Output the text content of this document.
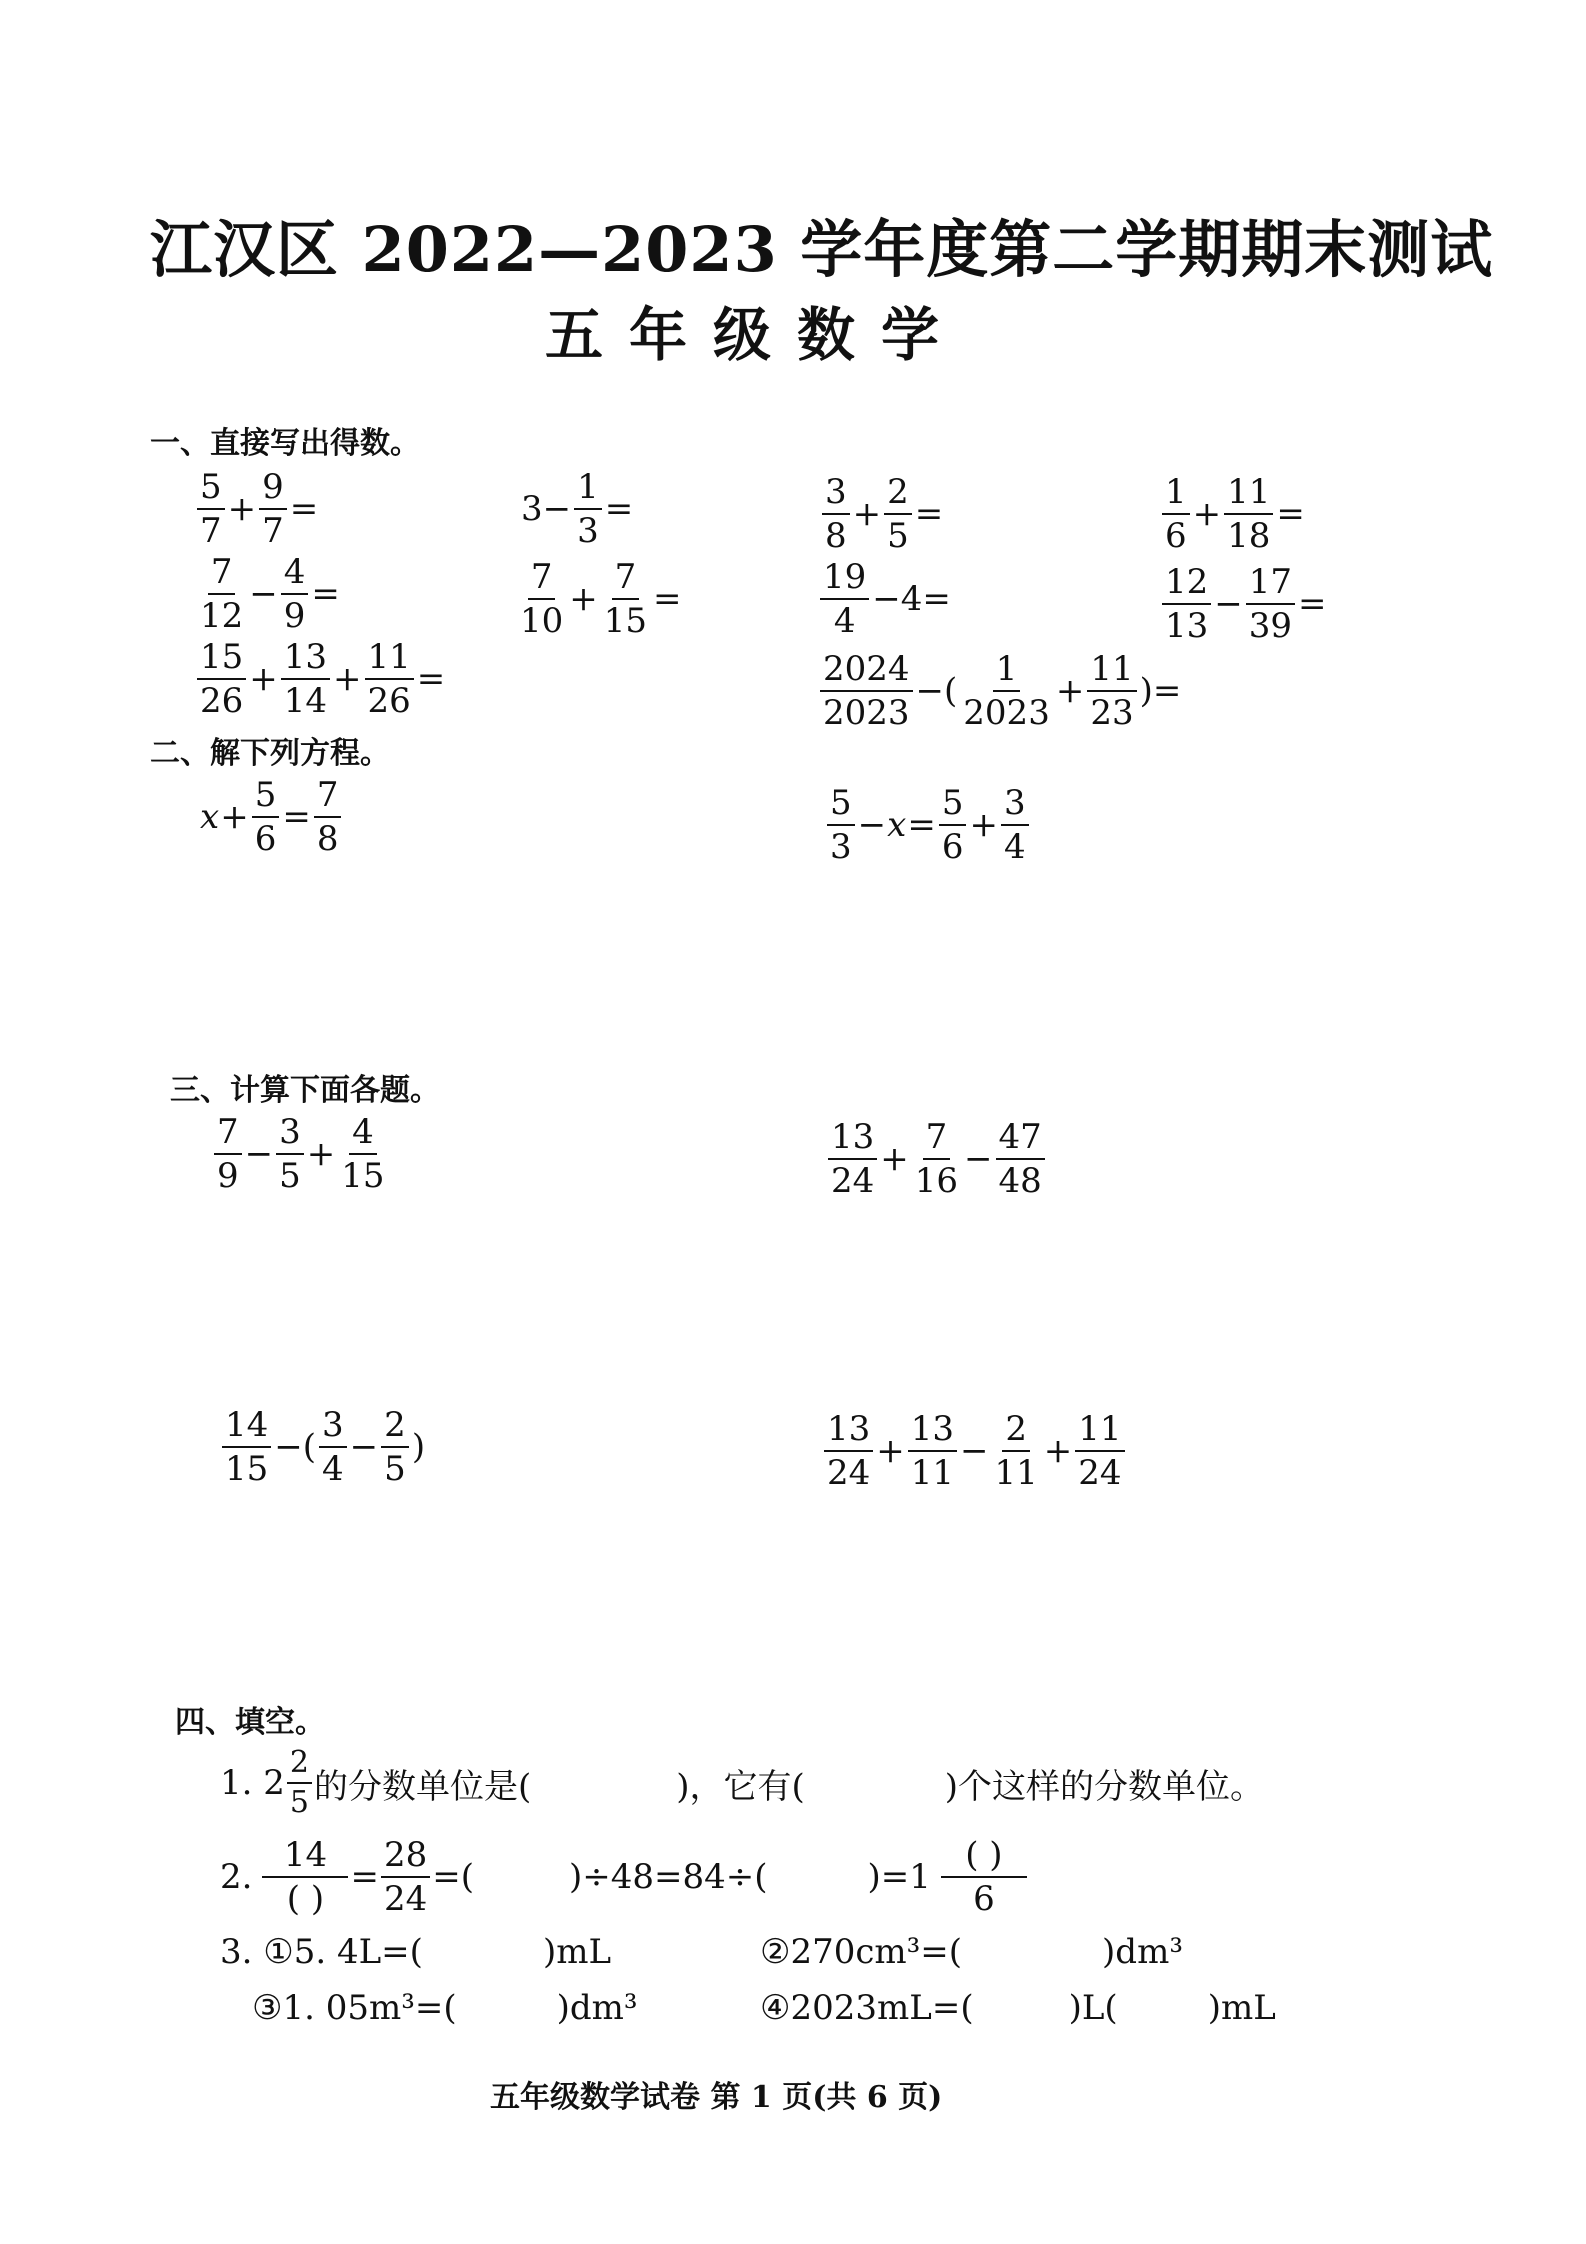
江汉区 2022—2023 学年度第二学期期末测试
五年级数学
一、直接写出得数。
$\frac{5}{7} + \frac{9}{7}$ =	$3- \frac{1}{3}$ =	$\frac{3}{8} + \frac{2}{5}$ =	$\frac{1}{6} + \frac{11}{18}$ =
$\frac{7}{12} - \frac{4}{9}$ =	$\frac{7}{10} + \frac{7}{15}$ =	$\frac{19}{4} -4=$	$\frac{12}{13} - \frac{17}{39}$ =
$\frac{15}{26} + \frac{13}{14} + \frac{11}{26}$ =	$\frac{2024}{2023}$ −( $\frac{1}{2023} + \frac{11}{23}$ )=
二、解下列方程。
$x + \frac{5}{6} = \frac{7}{8}$	$\frac{5}{3} - x = \frac{5}{6} + \frac{3}{4}$
三、计算下面各题。
$\frac{7}{9} - \frac{3}{5} + \frac{4}{15}$	$\frac{13}{24} + \frac{7}{16} - \frac{47}{48}$
$\frac{14}{15}$ −( $\frac{3}{4} - \frac{2}{5}$ )	$\frac{13}{24} + \frac{13}{11} - \frac{2}{11} + \frac{11}{24}$
四、填空。
1. $2 \frac{2}{5}$ 的分数单位是(	)，它有(	)个这样的分数单位。
2. $\frac{14}{( )} = \frac{28}{24}$ =(	)÷48=84÷(	)$=1 \frac{( )}{6}$
3. ①5. 4L=(	)mL	②270cm³=(	)dm³
③1. 05m³=(	)dm³	④2023mL=(	)L(	)mL
五年级数学试卷 第 1 页(共 6 页)
